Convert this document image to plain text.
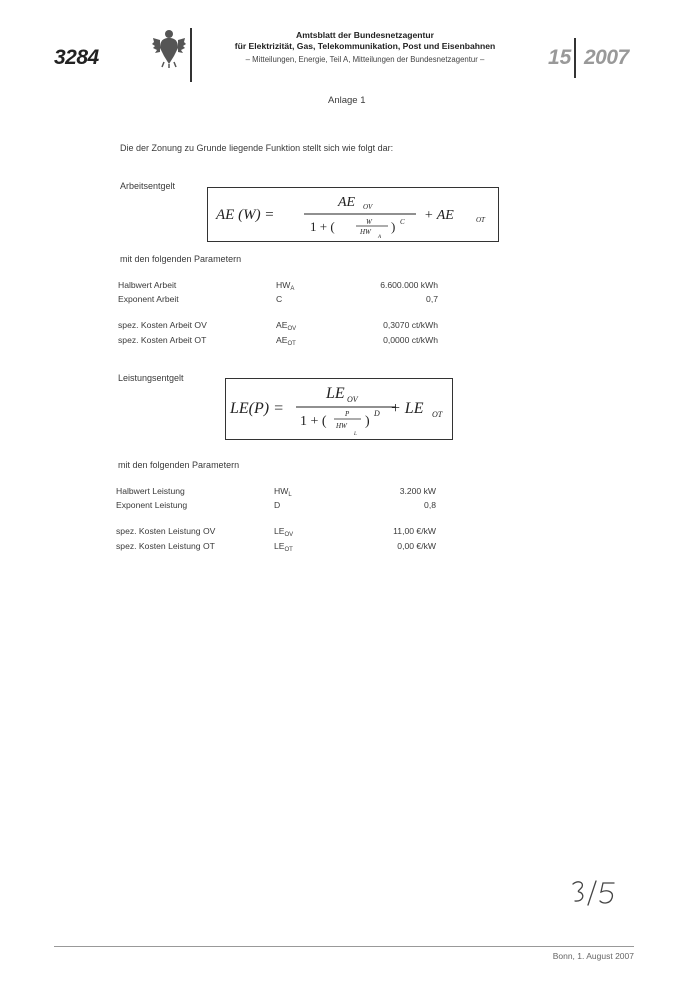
3284
Amtsblatt der Bundesnetzagentur
für Elektrizität, Gas, Telekommunikation, Post und Eisenbahnen
– Mitteilungen, Energie, Teil A, Mitteilungen der Bundesnetzagentur –	15 2007
Anlage 1
Die der Zonung zu Grunde liegende Funktion stellt sich wie folgt dar:
Arbeitsentgelt
AE (W) =
AE OV
1 + (	W
HW
A
) C + AE	OT
mit den folgenden Parametern
Halbwert Arbeit	$HW_A$	6.600.000 kWh
Exponent Arbeit	C	0,7
spez. Kosten Arbeit OV	$AE_{OV}$	0,3070 ct/kWh
spez. Kosten Arbeit OT	$AE_{OT}$	0,0000 ct/kWh
Leistungsentgelt
LE(P) =
LE OV
1 + (	P
HW
L
)
D + LE OT
mit den folgenden Parametern
Halbwert Leistung	$HW_L$	3.200 kW
Exponent Leistung	D	0,8
spez. Kosten Leistung OV	$LE_{OV}$	11,00 €/kW
spez. Kosten Leistung OT	$LE_{OT}$	0,00 €/kW
Bonn, 1. August 2007
